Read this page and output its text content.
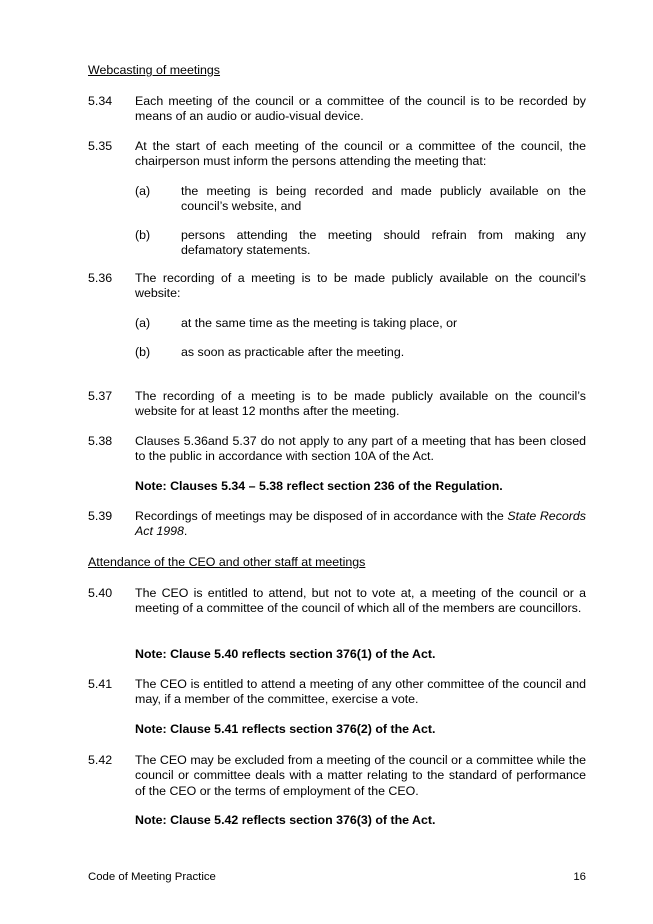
Webcasting of meetings
5.34	Each meeting of the council or a committee of the council is to be recorded by means of an audio or audio-visual device.
5.35	At the start of each meeting of the council or a committee of the council, the chairperson must inform the persons attending the meeting that:
(a)	the meeting is being recorded and made publicly available on the council’s website, and
(b)	persons attending the meeting should refrain from making any defamatory statements.
5.36	The recording of a meeting is to be made publicly available on the council’s website:
(a)	at the same time as the meeting is taking place, or
(b)	as soon as practicable after the meeting.
5.37	The recording of a meeting is to be made publicly available on the council’s website for at least 12 months after the meeting.
5.38	Clauses 5.36and 5.37 do not apply to any part of a meeting that has been closed to the public in accordance with section 10A of the Act.
Note: Clauses 5.34 – 5.38 reflect section 236 of the Regulation.
5.39	Recordings of meetings may be disposed of in accordance with the State Records Act 1998.
Attendance of the CEO and other staff at meetings
5.40	The CEO is entitled to attend, but not to vote at, a meeting of the council or a meeting of a committee of the council of which all of the members are councillors.
Note: Clause 5.40 reflects section 376(1) of the Act.
5.41	The CEO is entitled to attend a meeting of any other committee of the council and may, if a member of the committee, exercise a vote.
Note: Clause 5.41 reflects section 376(2) of the Act.
5.42	The CEO may be excluded from a meeting of the council or a committee while the council or committee deals with a matter relating to the standard of performance of the CEO or the terms of employment of the CEO.
Note: Clause 5.42 reflects section 376(3) of the Act.
Code of Meeting Practice	16
